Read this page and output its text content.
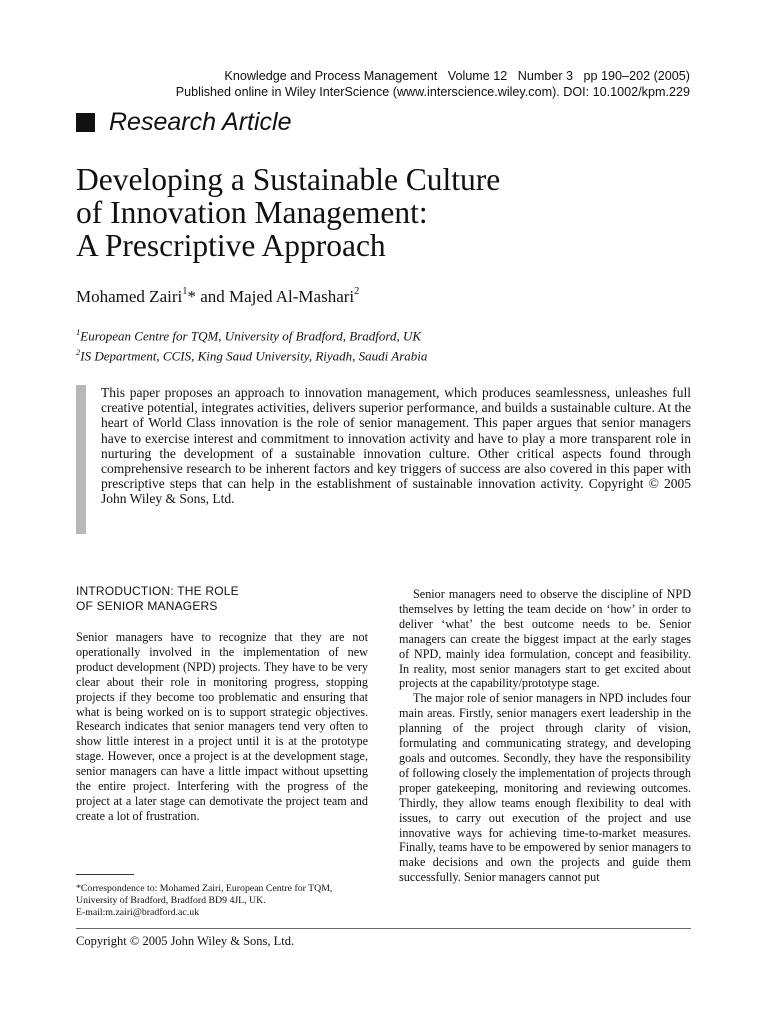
Knowledge and Process Management   Volume 12   Number 3   pp 190–202 (2005)
Published online in Wiley InterScience (www.interscience.wiley.com). DOI: 10.1002/kpm.229
Research Article
Developing a Sustainable Culture
of Innovation Management:
A Prescriptive Approach
Mohamed Zairi$^1$* and Majed Al-Mashari$^2$
$^1$European Centre for TQM, University of Bradford, Bradford, UK
$^2$IS Department, CCIS, King Saud University, Riyadh, Saudi Arabia
This paper proposes an approach to innovation management, which produces seamlessness, unleashes full creative potential, integrates activities, delivers superior performance, and builds a sustainable culture. At the heart of World Class innovation is the role of senior management. This paper argues that senior managers have to exercise interest and commitment to innovation activity and have to play a more transparent role in nurturing the development of a sustainable innovation culture. Other critical aspects found through comprehensive research to be inherent factors and key triggers of success are also covered in this paper with prescriptive steps that can help in the establishment of sustainable innovation activity. Copyright © 2005 John Wiley & Sons, Ltd.
INTRODUCTION: THE ROLE
OF SENIOR MANAGERS

Senior managers have to recognize that they are not operationally involved in the implementation of new product development (NPD) projects. They have to be very clear about their role in monitoring progress, stopping projects if they become too problematic and ensuring that what is being worked on is to support strategic objectives. Research indicates that senior managers tend very often to show little interest in a project until it is at the prototype stage. However, once a project is at the development stage, senior managers can have a little impact without upsetting the entire project. Interfering with the progress of the project at a later stage can demotivate the project team and create a lot of frustration.

Senior managers need to observe the discipline of NPD themselves by letting the team decide on ‘how’ in order to deliver ‘what’ the best outcome needs to be. Senior managers can create the biggest impact at the early stages of NPD, mainly idea formulation, concept and feasibility. In reality, most senior managers start to get excited about projects at the capability/prototype stage.

The major role of senior managers in NPD includes four main areas. Firstly, senior managers exert leadership in the planning of the project through clarity of vision, formulating and communicating strategy, and developing goals and outcomes. Secondly, they have the responsibility of following closely the implementation of projects through proper gatekeeping, monitoring and reviewing outcomes. Thirdly, they allow teams enough flexibility to deal with issues, to carry out execution of the project and use innovative ways for achieving time-to-market measures. Finally, teams have to be empowered by senior managers to make decisions and own the projects and guide them successfully. Senior managers cannot put

*Correspondence to: Mohamed Zairi, European Centre for TQM,
University of Bradford, Bradford BD9 4JL, UK.
E-mail:m.zairi@bradford.ac.uk
Copyright © 2005 John Wiley & Sons, Ltd.
